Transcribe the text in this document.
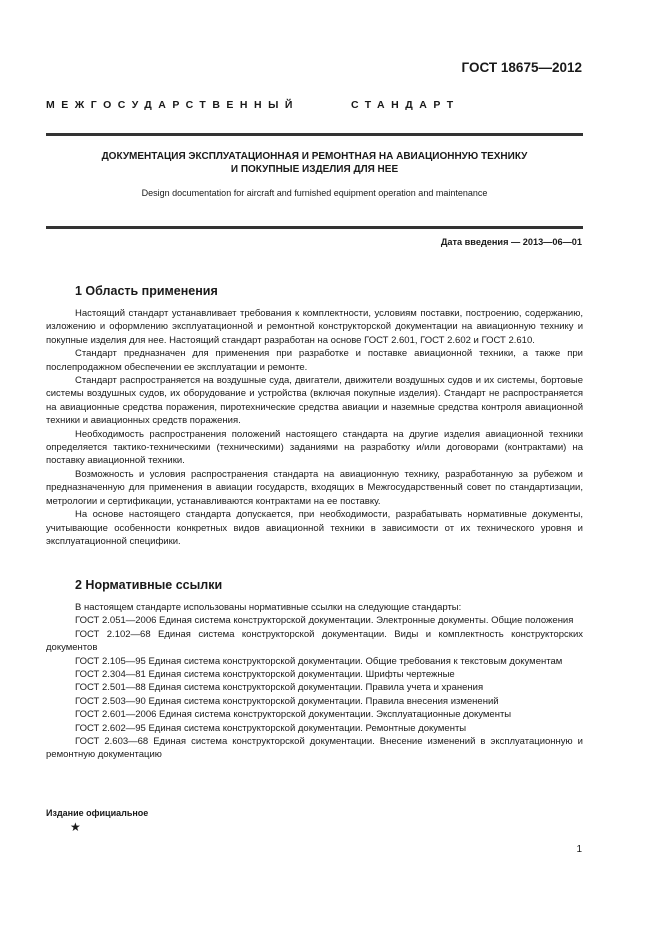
ГОСТ 18675—2012
МЕЖГОСУДАРСТВЕННЫЙ	СТАНДАРТ
ДОКУМЕНТАЦИЯ ЭКСПЛУАТАЦИОННАЯ И РЕМОНТНАЯ НА АВИАЦИОННУЮ ТЕХНИКУ
И ПОКУПНЫЕ ИЗДЕЛИЯ ДЛЯ НЕЕ
Design documentation for aircraft and furnished equipment operation and maintenance
Дата введения — 2013—06—01
1 Область применения

Настоящий стандарт устанавливает требования к комплектности, условиям поставки, построению, содержанию, изложению и оформлению эксплуатационной и ремонтной конструкторской документации на авиационную технику и покупные изделия для нее. Настоящий стандарт разработан на основе ГОСТ 2.601, ГОСТ 2.602 и ГОСТ 2.610.

Стандарт предназначен для применения при разработке и поставке авиационной техники, а также при послепродажном обеспечении ее эксплуатации и ремонте.

Стандарт распространяется на воздушные суда, двигатели, движители воздушных судов и их системы, бортовые системы воздушных судов, их оборудование и устройства (включая покупные изделия). Стандарт не распространяется на авиационные средства поражения, пиротехнические средства авиации и наземные средства контроля авиационной техники и авиационных средств поражения.

Необходимость распространения положений настоящего стандарта на другие изделия авиационной техники определяется тактико-техническими (техническими) заданиями на разработку и/или договорами (контрактами) на поставку авиационной техники.

Возможность и условия распространения стандарта на авиационную технику, разработанную за рубежом и предназначенную для применения в авиации государств, входящих в Межгосударственный совет по стандартизации, метрологии и сертификации, устанавливаются контрактами на ее поставку.

На основе настоящего стандарта допускается, при необходимости, разрабатывать нормативные документы, учитывающие особенности конкретных видов авиационной техники в зависимости от их технического уровня и эксплуатационной специфики.

2 Нормативные ссылки

В настоящем стандарте использованы нормативные ссылки на следующие стандарты:

ГОСТ 2.051—2006 Единая система конструкторской документации. Электронные документы. Общие положения

ГОСТ 2.102—68 Единая система конструкторской документации. Виды и комплектность конструкторских документов

ГОСТ 2.105—95 Единая система конструкторской документации. Общие требования к текстовым документам

ГОСТ 2.304—81 Единая система конструкторской документации. Шрифты чертежные

ГОСТ 2.501—88 Единая система конструкторской документации. Правила учета и хранения

ГОСТ 2.503—90 Единая система конструкторской документации. Правила внесения изменений

ГОСТ 2.601—2006 Единая система конструкторской документации. Эксплуатационные документы

ГОСТ 2.602—95 Единая система конструкторской документации. Ремонтные документы

ГОСТ 2.603—68 Единая система конструкторской документации. Внесение изменений в эксплуатационную и ремонтную документацию

Издание официальное
★
1
